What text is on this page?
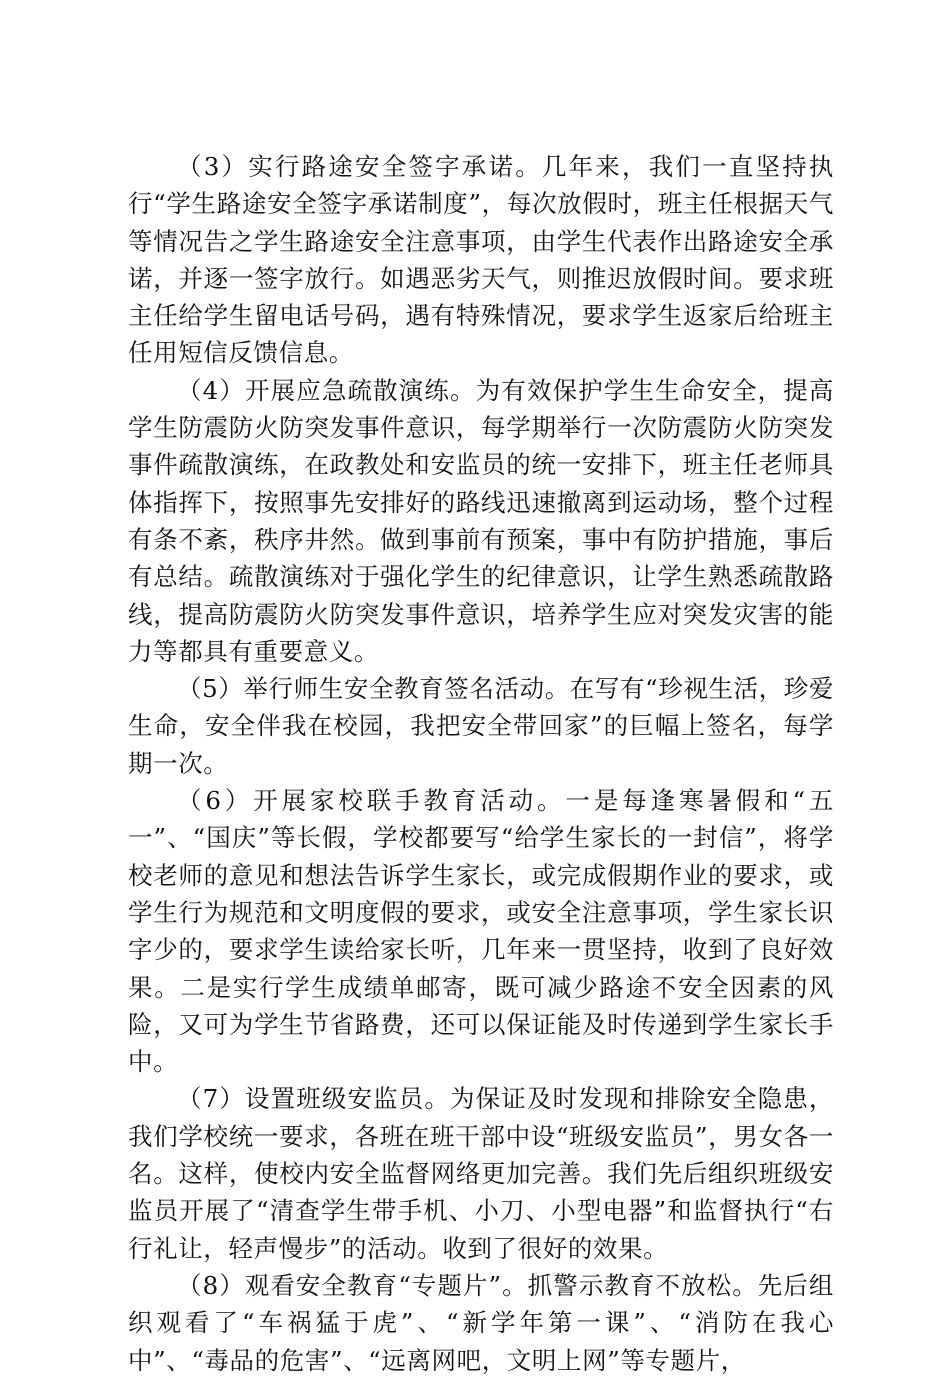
（3）实行路途安全签字承诺。几年来，我们一直坚持执行“学生路途安全签字承诺制度”，每次放假时，班主任根据天气等情况告之学生路途安全注意事项，由学生代表作出路途安全承诺，并逐一签字放行。如遇恶劣天气，则推迟放假时间。要求班主任给学生留电话号码，遇有特殊情况，要求学生返家后给班主任用短信反馈信息。

（4）开展应急疏散演练。为有效保护学生生命安全，提高学生防震防火防突发事件意识，每学期举行一次防震防火防突发事件疏散演练，在政教处和安监员的统一安排下，班主任老师具体指挥下，按照事先安排好的路线迅速撤离到运动场，整个过程有条不紊，秩序井然。做到事前有预案，事中有防护措施，事后有总结。疏散演练对于强化学生的纪律意识，让学生熟悉疏散路线，提高防震防火防突发事件意识，培养学生应对突发灾害的能力等都具有重要意义。

（5）举行师生安全教育签名活动。在写有“珍视生活，珍爱生命，安全伴我在校园，我把安全带回家”的巨幅上签名，每学期一次。

（6）开展家校联手教育活动。一是每逢寒暑假和“五一”、“国庆”等长假，学校都要写“给学生家长的一封信”，将学校老师的意见和想法告诉学生家长，或完成假期作业的要求，或学生行为规范和文明度假的要求，或安全注意事项，学生家长识字少的，要求学生读给家长听，几年来一贯坚持，收到了良好效果。二是实行学生成绩单邮寄，既可减少路途不安全因素的风险，又可为学生节省路费，还可以保证能及时传递到学生家长手中。

（7）设置班级安监员。为保证及时发现和排除安全隐患，我们学校统一要求，各班在班干部中设“班级安监员”，男女各一名。这样，使校内安全监督网络更加完善。我们先后组织班级安监员开展了“清查学生带手机、小刀、小型电器”和监督执行“右行礼让，轻声慢步”的活动。收到了很好的效果。

（8）观看安全教育“专题片”。抓警示教育不放松。先后组织观看了“车祸猛于虎”、“新学年第一课”、“消防在我心中”、“毒品的危害”、“远离网吧，文明上网”等专题片，
